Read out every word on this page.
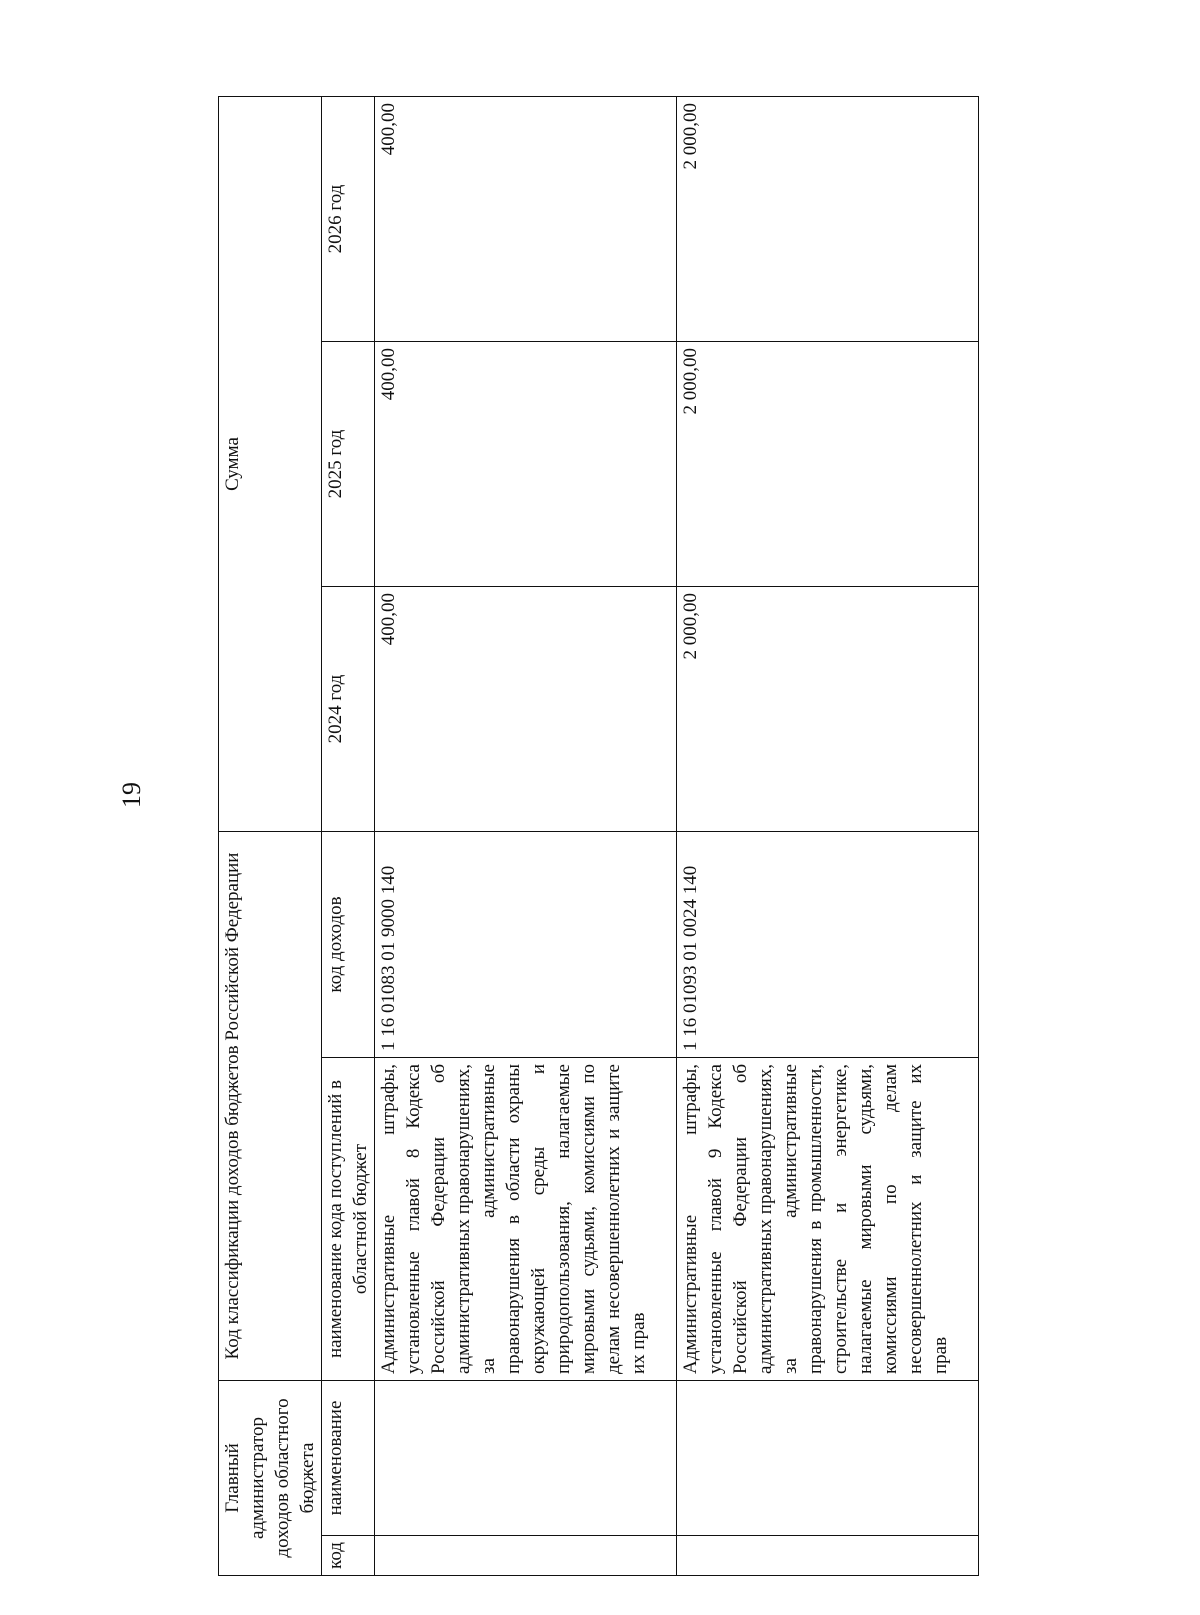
19
Главный администратор доходов областного бюджета		Код классификации доходов бюджетов Российской Федерации		Сумма		
код	наименование	наименование кода поступлений в областной бюджет	код доходов	2024 год	2025 год	2026 год
		Административные штрафы, установленные главой 8 Кодекса Российской Федерации об административных правонарушениях, за административные правонарушения в области охраны окружающей среды и природопользования, налагаемые мировыми судьями, комиссиями по делам несовершеннолетних и защите их прав	1 16 01083 01 9000 140	400,00	400,00	400,00
		Административные штрафы, установленные главой 9 Кодекса Российской Федерации об административных правонарушениях, за административные правонарушения в промышленности, строительстве и энергетике, налагаемые мировыми судьями, комиссиями по делам несовершеннолетних и защите их прав	1 16 01093 01 0024 140	2 000,00	2 000,00	2 000,00
